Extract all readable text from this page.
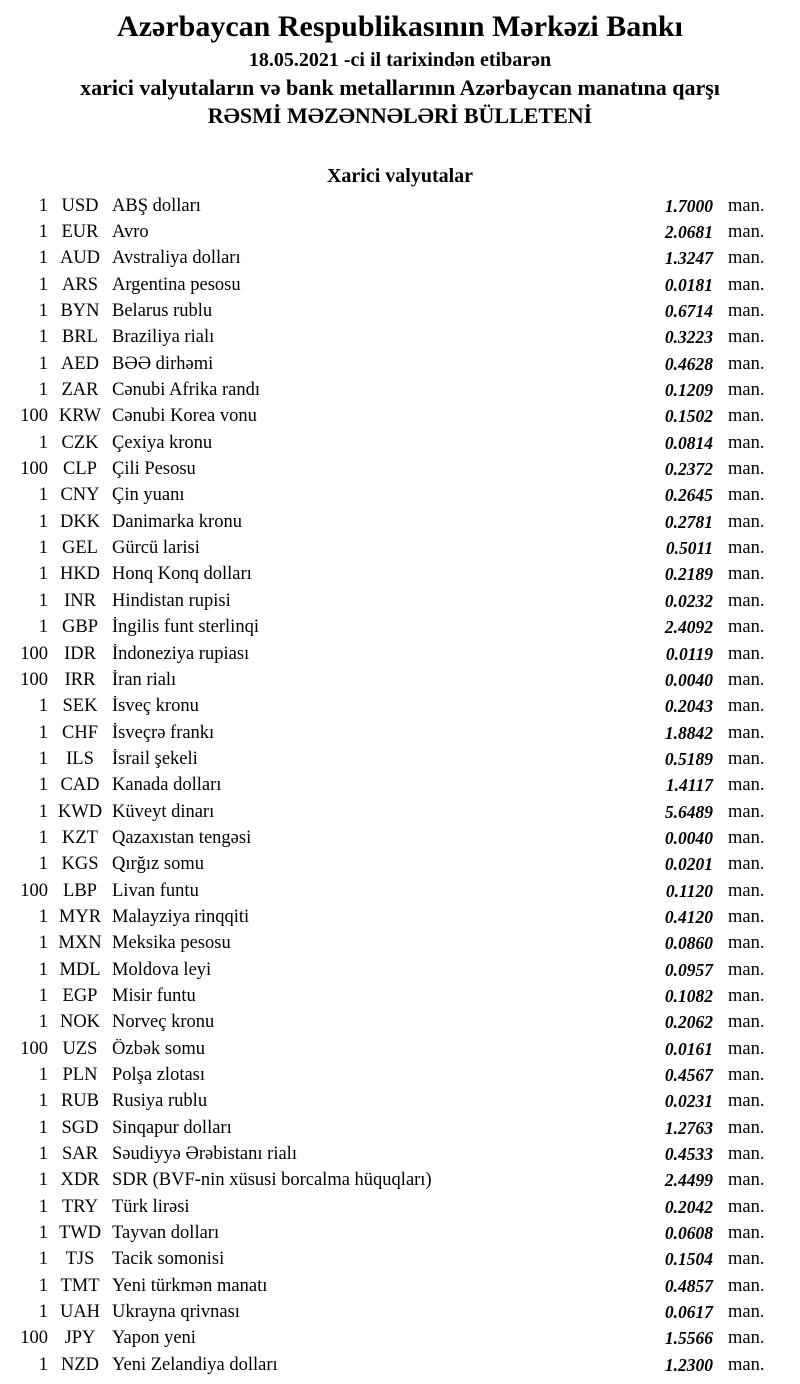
Azərbaycan Respublikasının Mərkəzi Bankı
18.05.2021 -ci il tarixindən etibarən
xarici valyutaların və bank metallarının Azərbaycan manatına qarşı
RƏSMİ MƏZƏNNƏLƏRİ BÜLLETENİ
Xarici valyutalar
1 USD ABŞ dolları	1.7000 man.
1 EUR Avro	2.0681 man.
1 AUD Avstraliya dolları	1.3247 man.
1 ARS Argentina pesosu	0.0181 man.
1 BYN Belarus rublu	0.6714 man.
1 BRL Braziliya rialı	0.3223 man.
1 AED BƏƏ dirhəmi	0.4628 man.
1 ZAR Cənubi Afrika randı	0.1209 man.
100 KRW Cənubi Korea vonu	0.1502 man.
1 CZK Çexiya kronu	0.0814 man.
100 CLP Çili Pesosu	0.2372 man.
1 CNY Çin yuanı	0.2645 man.
1 DKK Danimarka kronu	0.2781 man.
1 GEL Gürcü larisi	0.5011 man.
1 HKD Honq Konq dolları	0.2189 man.
1 INR Hindistan rupisi	0.0232 man.
1 GBP İngilis funt sterlinqi	2.4092 man.
100 IDR İndoneziya rupiası	0.0119 man.
100 IRR İran rialı	0.0040 man.
1 SEK İsveç kronu	0.2043 man.
1 CHF İsveçrə frankı	1.8842 man.
1 ILS İsrail şekeli	0.5189 man.
1 CAD Kanada dolları	1.4117 man.
1 KWD Küveyt dinarı	5.6489 man.
1 KZT Qazaxıstan tengəsi	0.0040 man.
1 KGS Qırğız somu	0.0201 man.
100 LBP Livan funtu	0.1120 man.
1 MYR Malayziya rinqqiti	0.4120 man.
1 MXN Meksika pesosu	0.0860 man.
1 MDL Moldova leyi	0.0957 man.
1 EGP Misir funtu	0.1082 man.
1 NOK Norveç kronu	0.2062 man.
100 UZS Özbək somu	0.0161 man.
1 PLN Polşa zlotası	0.4567 man.
1 RUB Rusiya rublu	0.0231 man.
1 SGD Sinqapur dolları	1.2763 man.
1 SAR Səudiyyə Ərəbistanı rialı	0.4533 man.
1 XDR SDR (BVF-nin xüsusi borcalma hüquqları)	2.4499 man.
1 TRY Türk lirəsi	0.2042 man.
1 TWD Tayvan dolları	0.0608 man.
1 TJS Tacik somonisi	0.1504 man.
1 TMT Yeni türkmən manatı	0.4857 man.
1 UAH Ukrayna qrivnası	0.0617 man.
100 JPY Yapon yeni	1.5566 man.
1 NZD Yeni Zelandiya dolları	1.2300 man.
